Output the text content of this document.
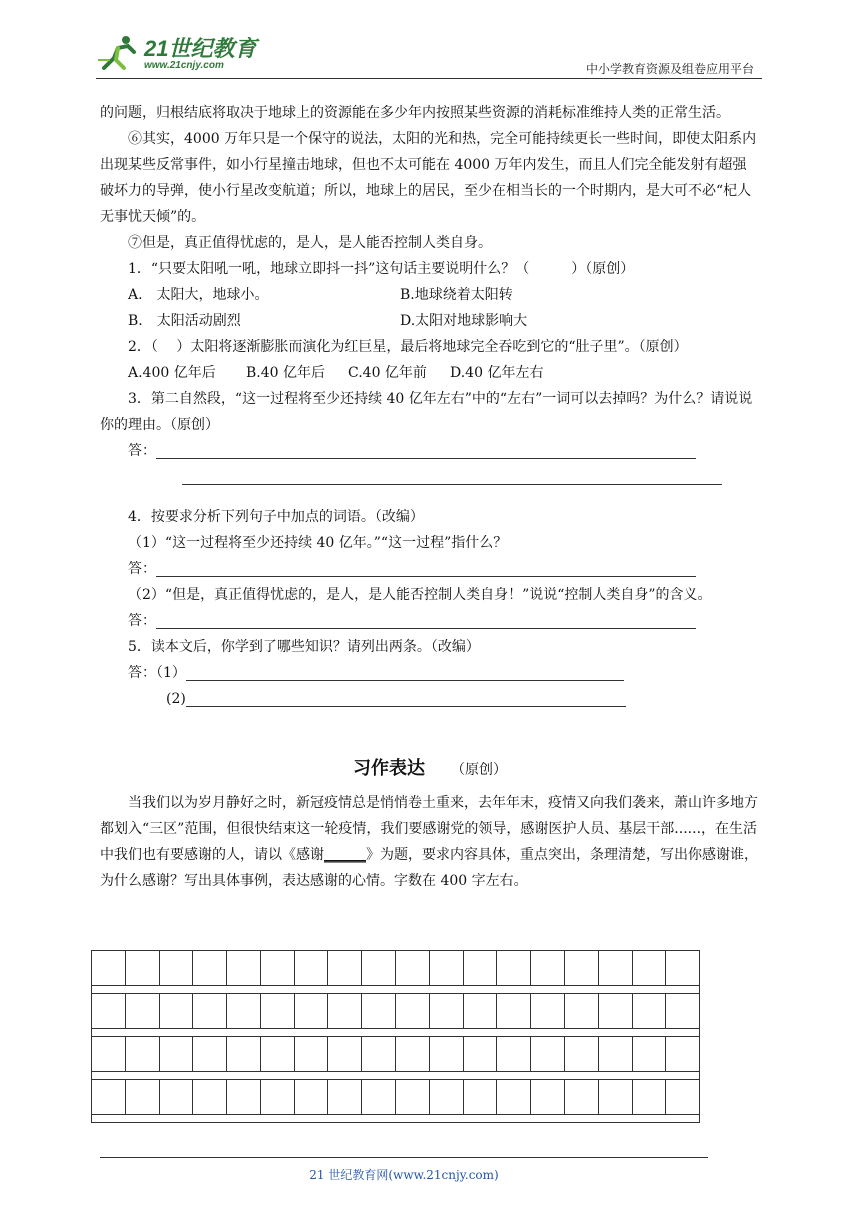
21世纪教育
www.21cnjy.com	中小学教育资源及组卷应用平台

的问题，归根结底将取决于地球上的资源能在多少年内按照某些资源的消耗标准维持人类的正常生活。

⑥其实，4000 万年只是一个保守的说法，太阳的光和热，完全可能持续更长一些时间，即使太阳系内出现某些反常事件，如小行星撞击地球，但也不太可能在 4000 万年内发生，而且人们完全能发射有超强破坏力的导弹，使小行星改变航道；所以，地球上的居民，至少在相当长的一个时期内，是大可不必“杞人无事忧天倾”的。

⑦但是，真正值得忧虑的，是人，是人能否控制人类自身。

1．“只要太阳吼一吼，地球立即抖一抖”这句话主要说明什么？（　　　）（原创）

A.　太阳大，地球小。	B.地球绕着太阳转
B.　太阳活动剧烈	D.太阳对地球影响大

2．（　 ）太阳将逐渐膨胀而演化为红巨星，最后将地球完全吞吃到它的“肚子里”。（原创）

A.400 亿年后 B.40 亿年后 C.40 亿年前 D.40 亿年左右

3．第二自然段，“这一过程将至少还持续 40 亿年左右”中的“左右”一词可以去掉吗？为什么？请说说你的理由。（原创）

答：

4．按要求分析下列句子中加点的词语。（改编）

（1）“这一过程将至少还持续 40 亿年。”“这一过程”指什么？

答：

（2）“但是，真正值得忧虑的，是人，是人能否控制人类自身！”说说“控制人类自身”的含义。

答：

5．读本文后，你学到了哪些知识？请列出两条。（改编）

答：（1）
(2)
习作表达 （原创）

当我们以为岁月静好之时，新冠疫情总是悄悄卷土重来，去年年末，疫情又向我们袭来，萧山许多地方都划入“三区”范围，但很快结束这一轮疫情，我们要感谢党的领导，感谢医护人员、基层干部......，在生活中我们也有要感谢的人，请以《感谢______》为题，要求内容具体，重点突出，条理清楚，写出你感谢谁，为什么感谢？写出具体事例，表达感谢的心情。字数在 400 字左右。

21 世纪教育网(www.21cnjy.com)
